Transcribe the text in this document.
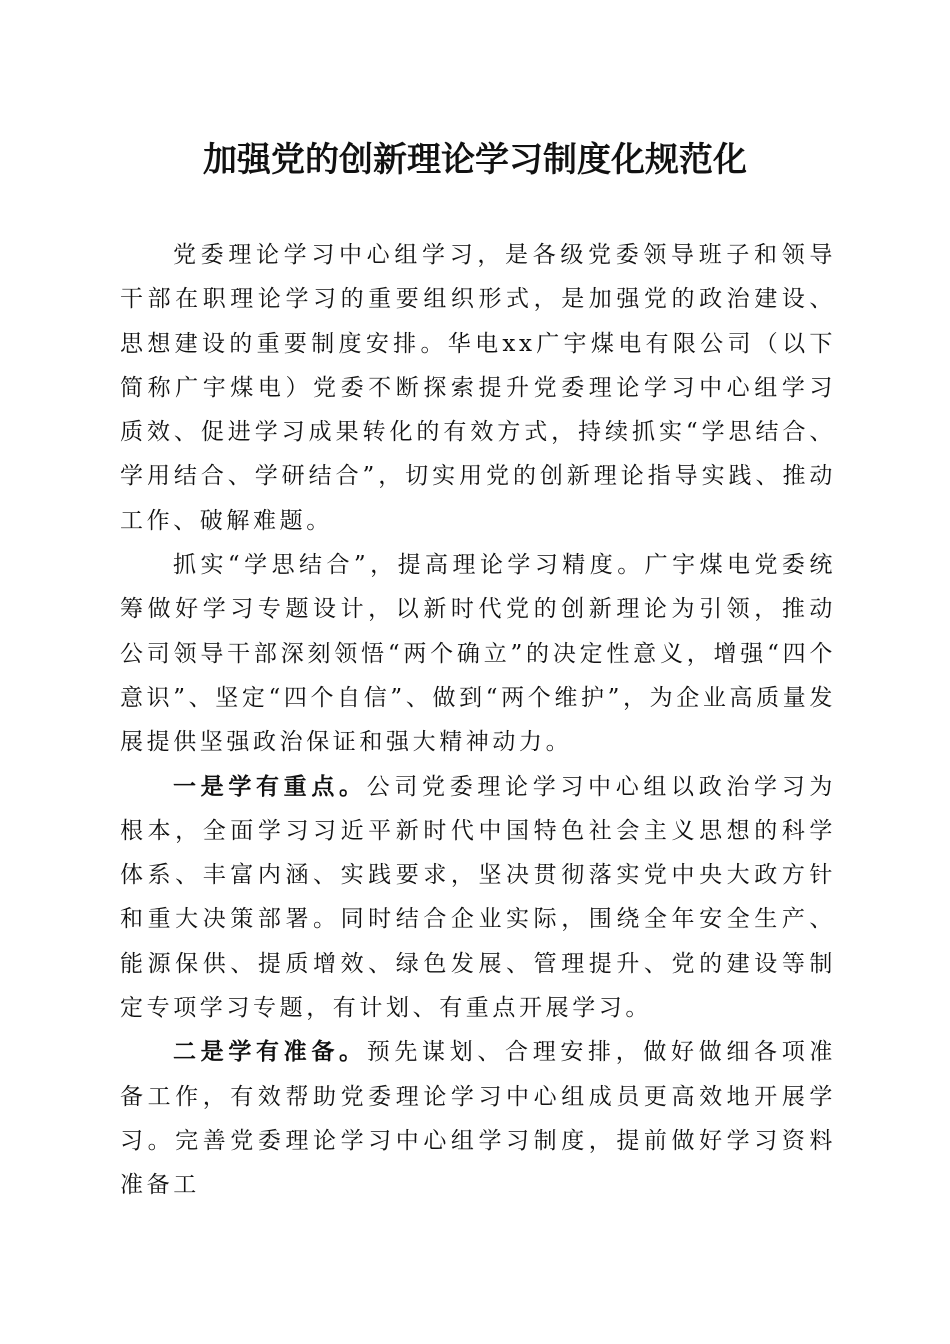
加强党的创新理论学习制度化规范化

党委理论学习中心组学习，是各级党委领导班子和领导干部在职理论学习的重要组织形式，是加强党的政治建设、思想建设的重要制度安排。华电xx广宇煤电有限公司（以下简称广宇煤电）党委不断探索提升党委理论学习中心组学习质效、促进学习成果转化的有效方式，持续抓实“学思结合、学用结合、学研结合”，切实用党的创新理论指导实践、推动工作、破解难题。

抓实“学思结合”，提高理论学习精度。广宇煤电党委统筹做好学习专题设计，以新时代党的创新理论为引领，推动公司领导干部深刻领悟“两个确立”的决定性意义，增强“四个意识”、坚定“四个自信”、做到“两个维护”，为企业高质量发展提供坚强政治保证和强大精神动力。

一是学有重点。公司党委理论学习中心组以政治学习为根本，全面学习习近平新时代中国特色社会主义思想的科学体系、丰富内涵、实践要求，坚决贯彻落实党中央大政方针和重大决策部署。同时结合企业实际，围绕全年安全生产、能源保供、提质增效、绿色发展、管理提升、党的建设等制定专项学习专题，有计划、有重点开展学习。

二是学有准备。预先谋划、合理安排，做好做细各项准备工作，有效帮助党委理论学习中心组成员更高效地开展学习。完善党委理论学习中心组学习制度，提前做好学习资料准备工
